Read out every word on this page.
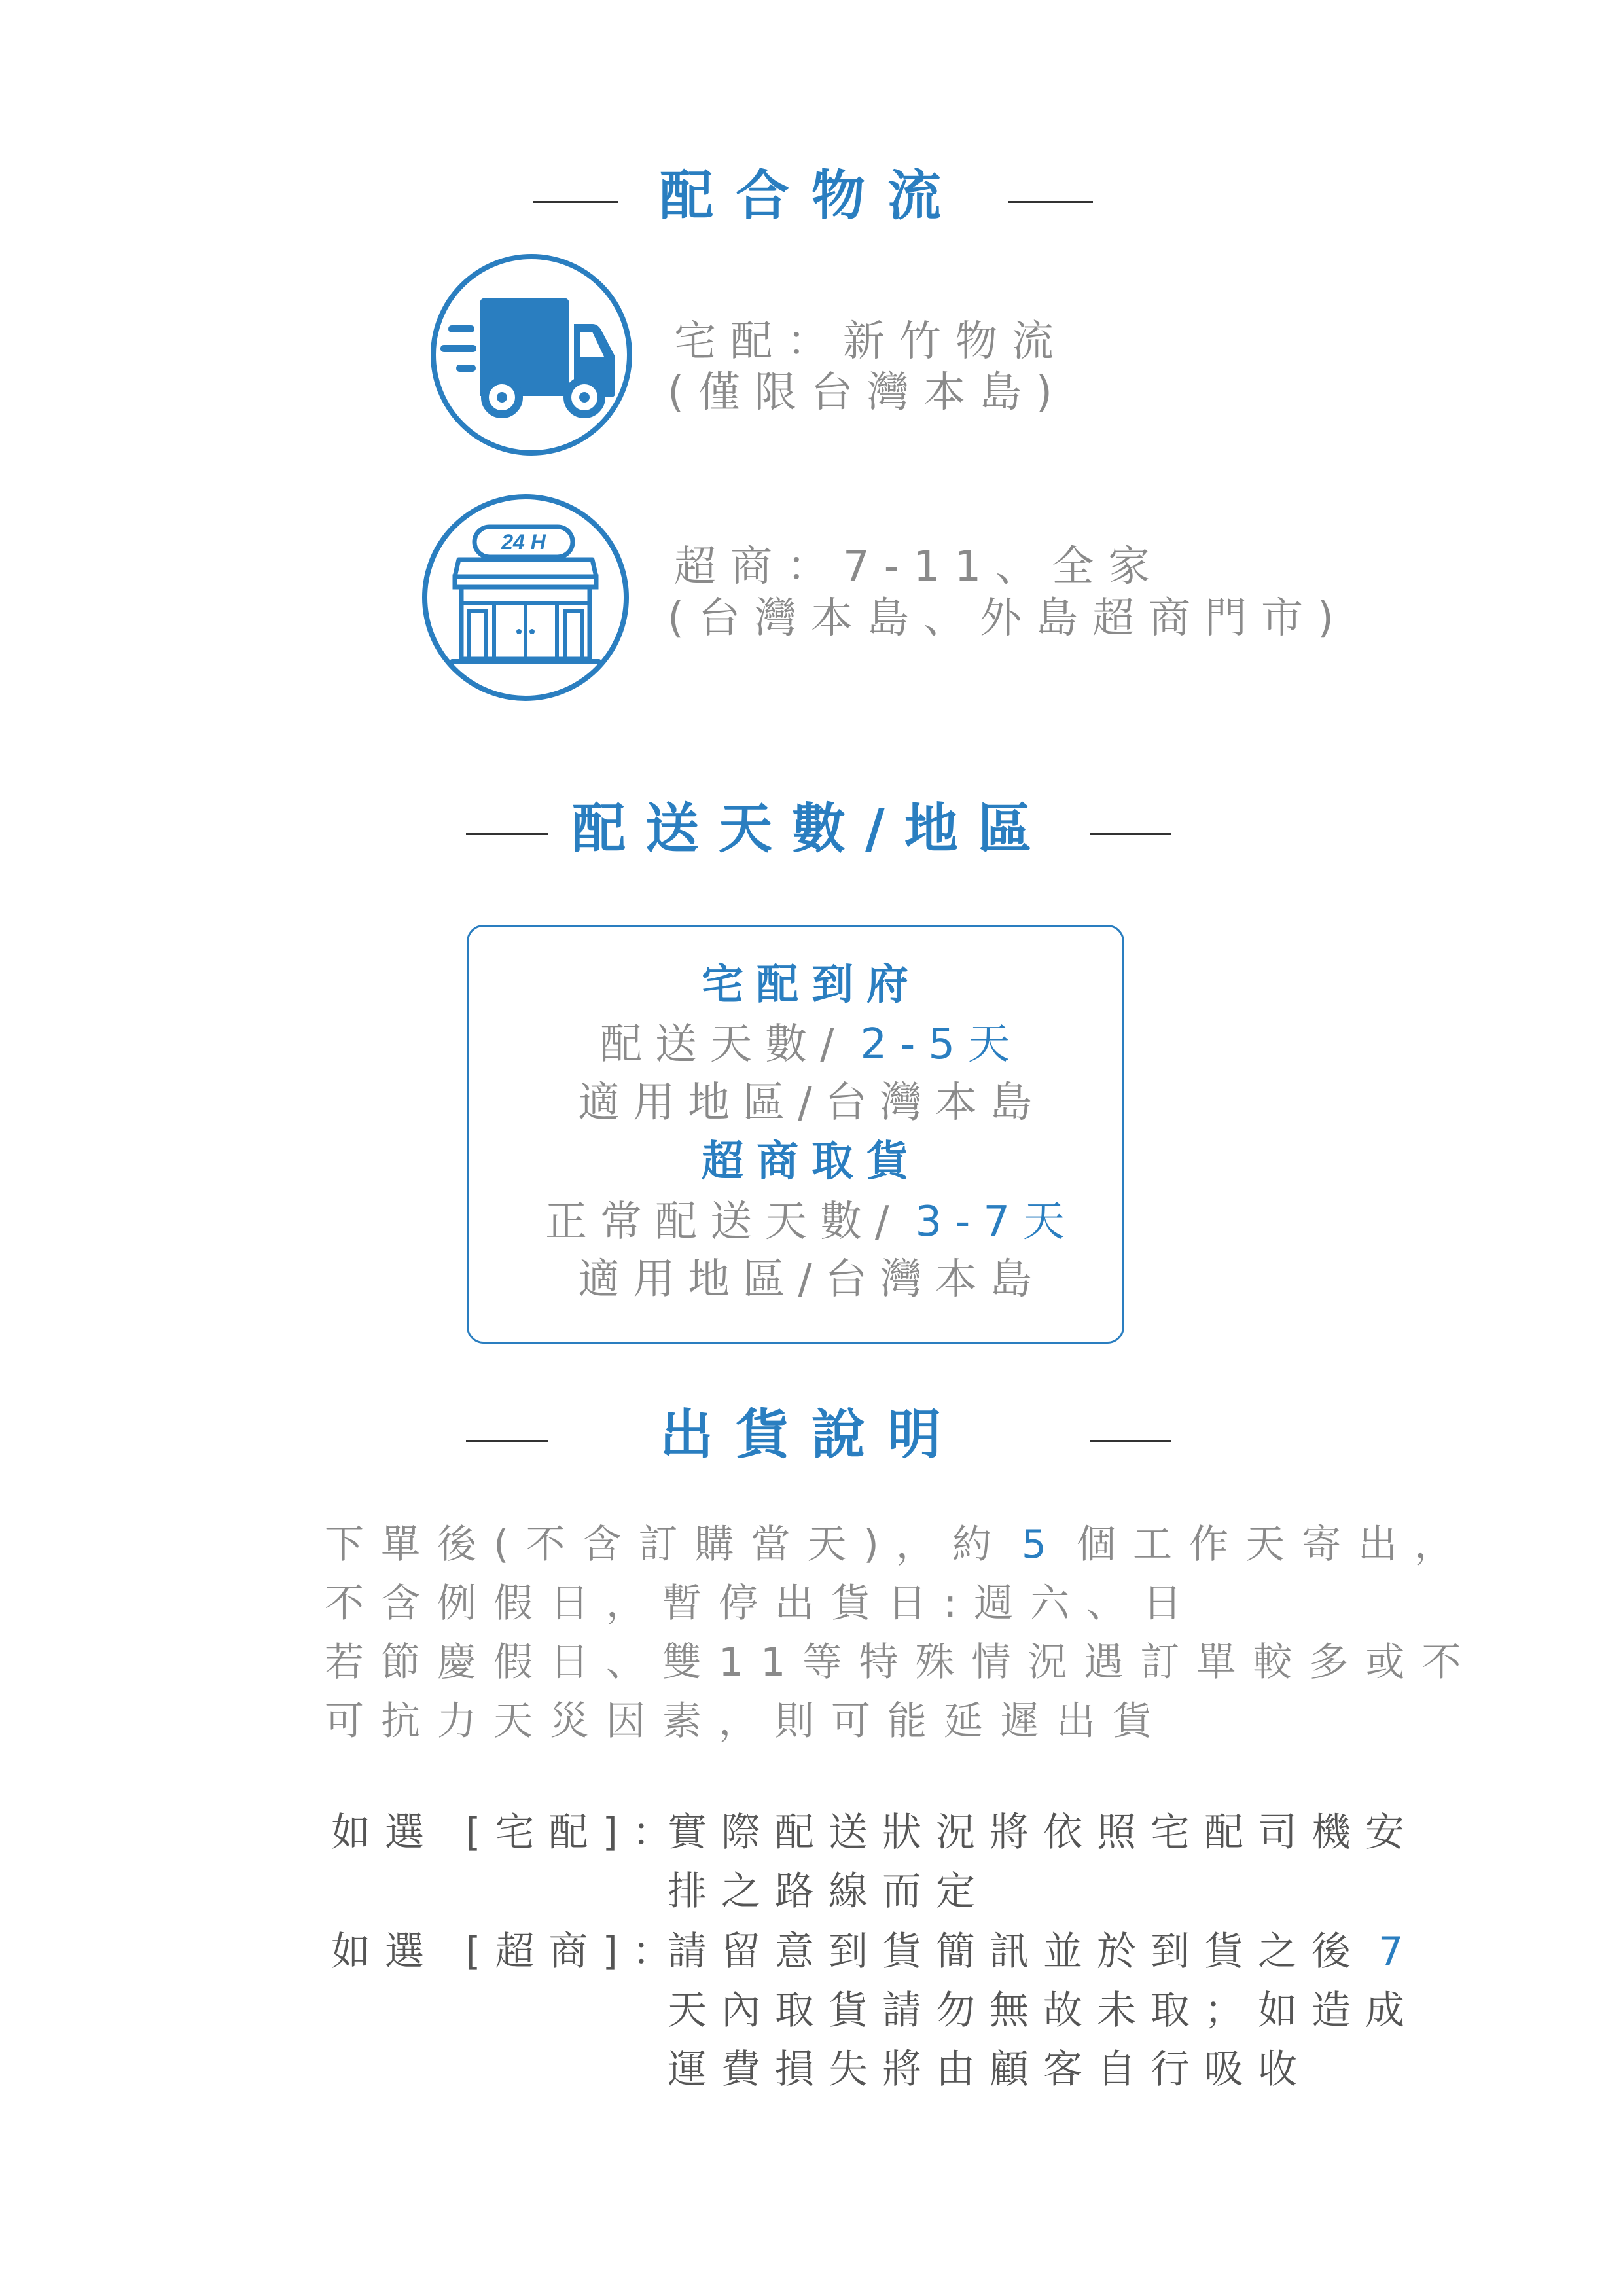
配合物流
宅配：新竹物流
(僅限台灣本島)
24 H
超商：7-11、全家
(台灣本島、外島超商門市)
配送天數/地區
宅配到府
配送天數/ 2-5天
適用地區/台灣本島
超商取貨
正常配送天數/ 3-7天
適用地區/台灣本島
出貨說明
下單後(不含訂購當天)，約 5 個工作天寄出，
不含例假日，暫停出貨日:週六、日
若節慶假日、雙11等特殊情況遇訂單較多或不
可抗力天災因素，則可能延遲出貨
如選 [宅配]：
實際配送狀況將依照宅配司機安
排之路線而定
如選 [超商]：
請留意到貨簡訊並於到貨之後 7
天內取貨請勿無故未取；如造成
運費損失將由顧客自行吸收
